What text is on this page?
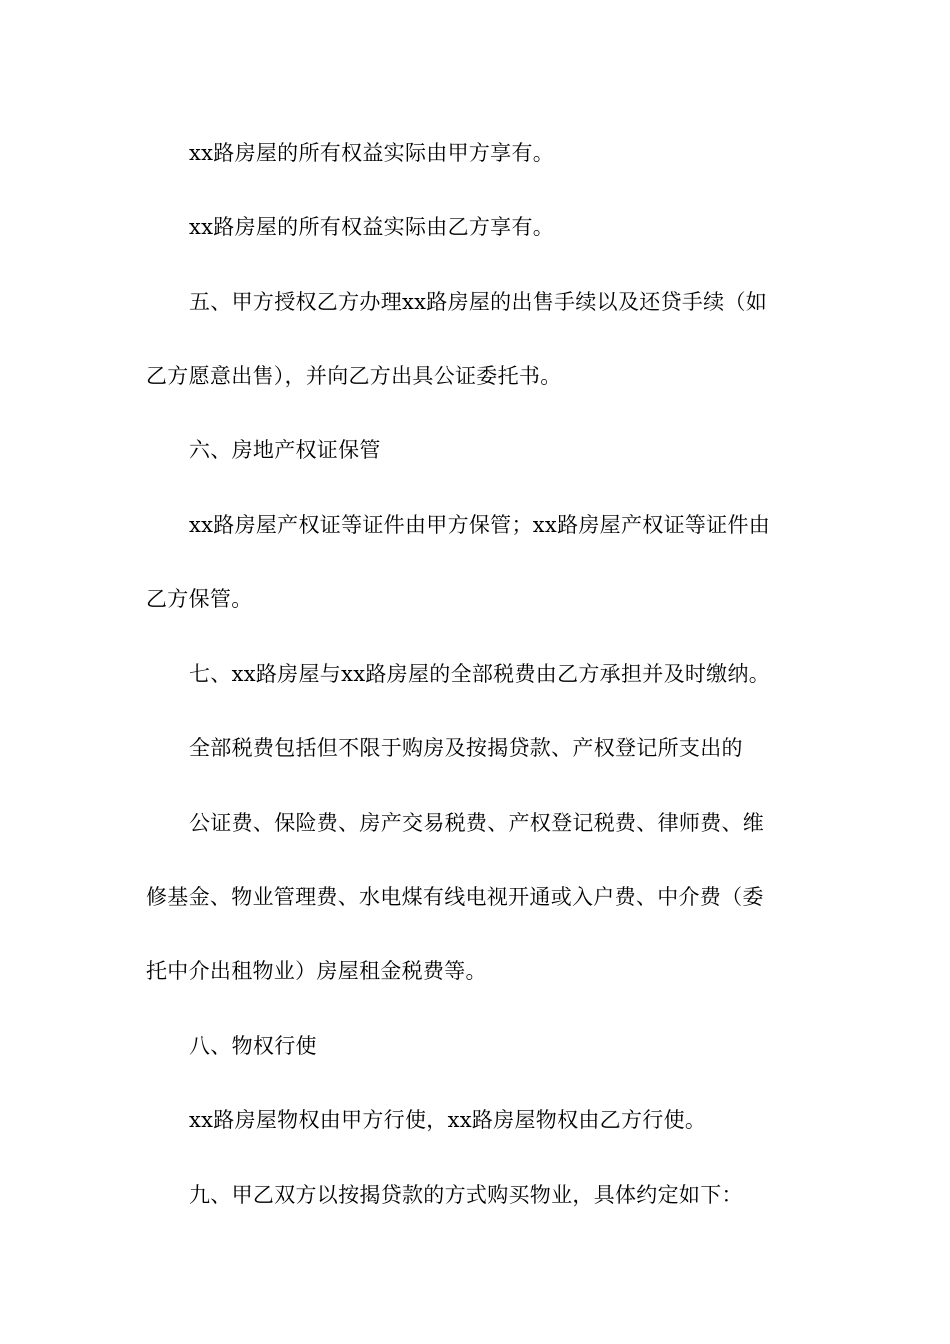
xx路房屋的所有权益实际由甲方享有。
xx路房屋的所有权益实际由乙方享有。
五、甲方授权乙方办理xx路房屋的出售手续以及还贷手续（如
乙方愿意出售），并向乙方出具公证委托书。
六、房地产权证保管
xx路房屋产权证等证件由甲方保管；xx路房屋产权证等证件由
乙方保管。
七、xx路房屋与xx路房屋的全部税费由乙方承担并及时缴纳。
全部税费包括但不限于购房及按揭贷款、产权登记所支出的
公证费、保险费、房产交易税费、产权登记税费、律师费、维
修基金、物业管理费、水电煤有线电视开通或入户费、中介费（委
托中介出租物业）房屋租金税费等。
八、物权行使
xx路房屋物权由甲方行使，xx路房屋物权由乙方行使。
九、甲乙双方以按揭贷款的方式购买物业，具体约定如下：
